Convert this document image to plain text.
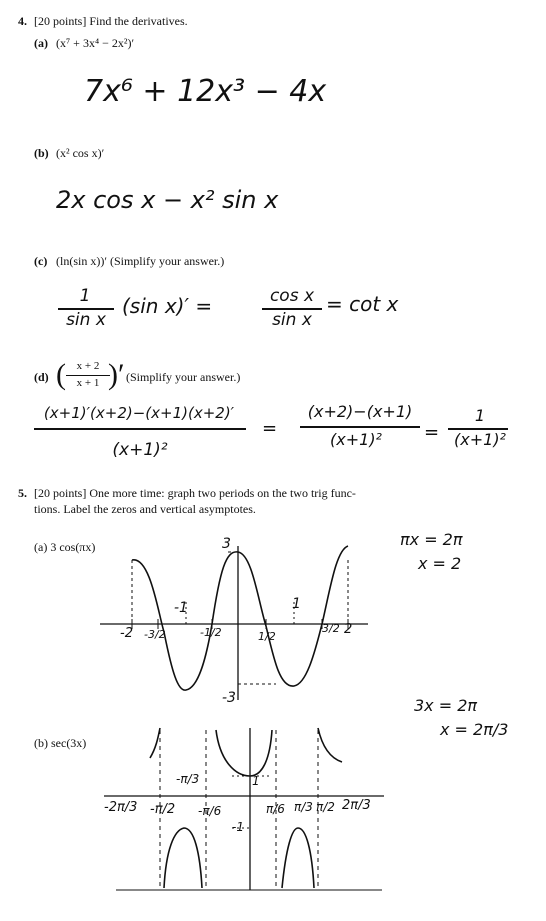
4. [20 points] Find the derivatives.
(a) (x⁷ + 3x⁴ − 2x²)′
7x⁶ + 12x³ − 4x
(b) (x² cos x)′
2x cos x − x² sin x
(c) (ln(sin x))′ (Simplify your answer.)
1
sin x
(sin x)′ =	cos x
sin x
= cot x
(d) ( x + 2
x + 1 )′ (Simplify your answer.)
(x+1)′(x+2)−(x+1)(x+2)′
(x+1)²
=
(x+2)−(x+1)
(x+1)²	=
1
(x+1)²
5. [20 points] One more time: graph two periods on the two trig func-
tions. Label the zeros and vertical asymptotes.
(a) 3 cos(πx)	πx = 2π
x = 2
(b) sec(3x)
3x = 2π
x = 2π/3
3
-3
-1	1
-2 -3/2	-1/2	1/2
3/2 2
-2π/3 -π/2 -π/6
-π/3
-1
1
π/6 π/3 π/2 2π/3
